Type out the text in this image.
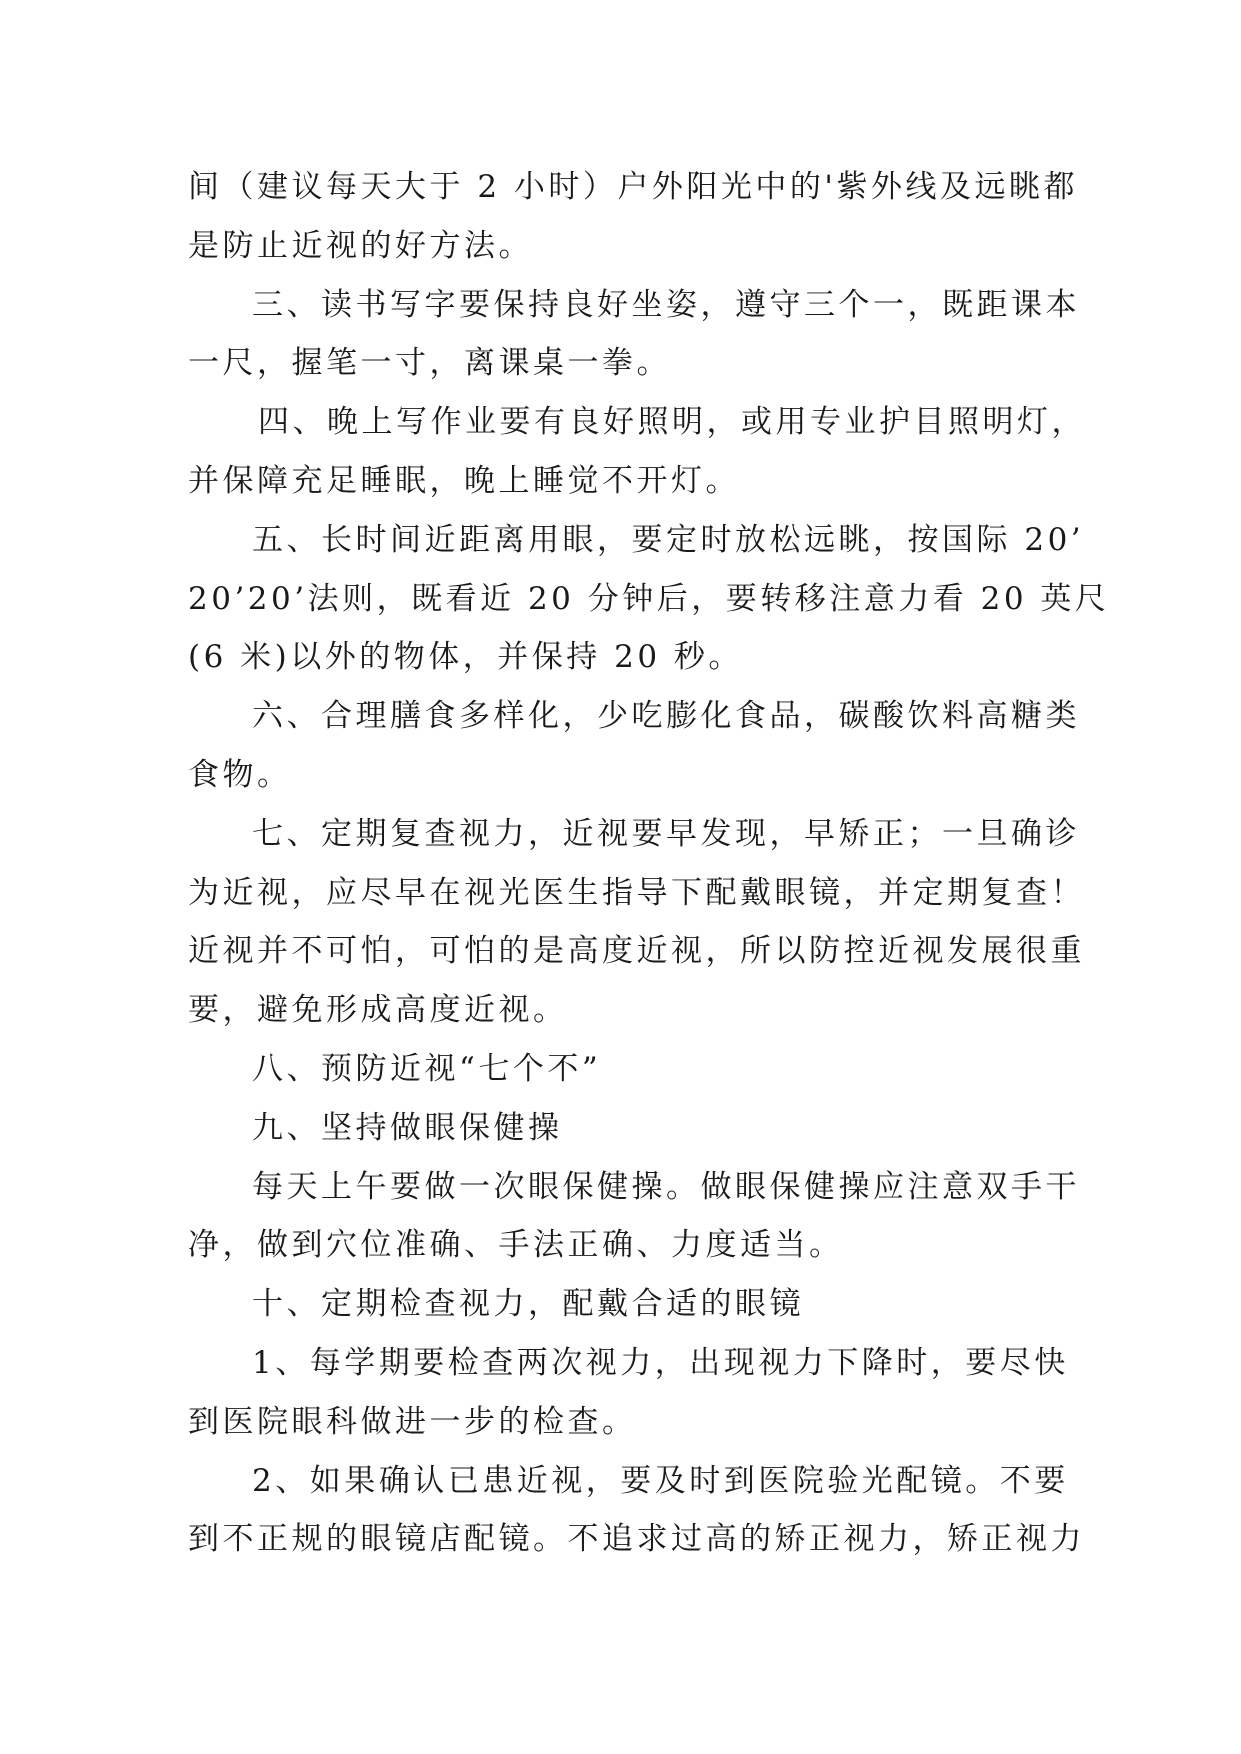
间（建议每天大于 2 小时）户外阳光中的'紫外线及远眺都
是防止近视的好方法。
三、读书写字要保持良好坐姿，遵守三个一，既距课本
一尺，握笔一寸，离课桌一拳。
四、晚上写作业要有良好照明，或用专业护目照明灯，
并保障充足睡眠，晚上睡觉不开灯。
五、长时间近距离用眼，要定时放松远眺，按国际 20’
20’20’法则，既看近 20 分钟后，要转移注意力看 20 英尺
(6 米)以外的物体，并保持 20 秒。
六、合理膳食多样化，少吃膨化食品，碳酸饮料高糖类
食物。
七、定期复查视力，近视要早发现，早矫正；一旦确诊
为近视，应尽早在视光医生指导下配戴眼镜，并定期复查！
近视并不可怕，可怕的是高度近视，所以防控近视发展很重
要，避免形成高度近视。
八、预防近视“七个不”
九、坚持做眼保健操
每天上午要做一次眼保健操。做眼保健操应注意双手干
净，做到穴位准确、手法正确、力度适当。
十、定期检查视力，配戴合适的眼镜
1、每学期要检查两次视力，出现视力下降时，要尽快
到医院眼科做进一步的检查。
2、如果确认已患近视，要及时到医院验光配镜。不要
到不正规的眼镜店配镜。不追求过高的矫正视力，矫正视力
